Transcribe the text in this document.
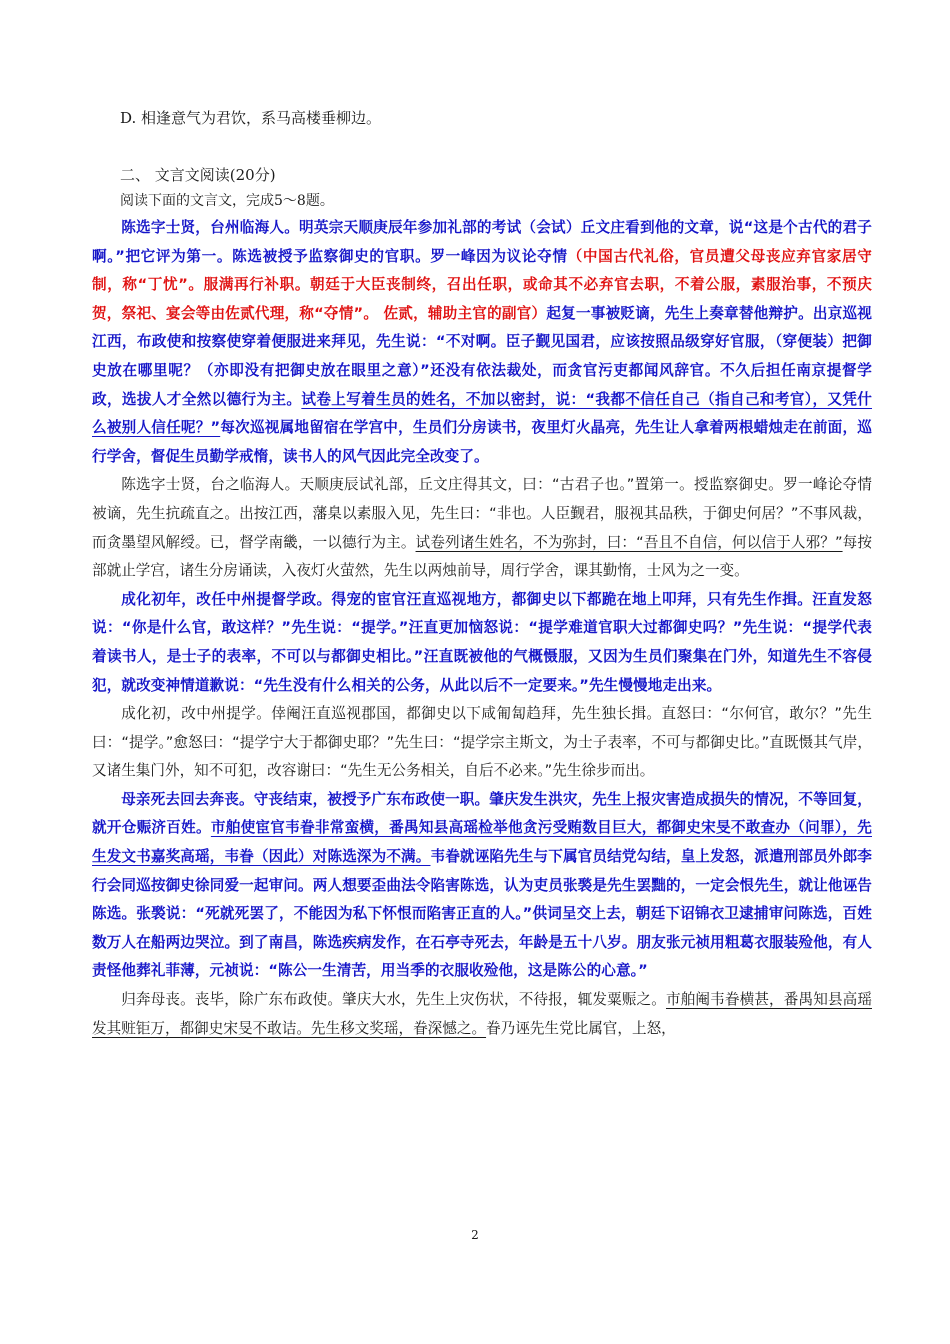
D. 相逢意气为君饮，系马高楼垂柳边。

二、 文言文阅读(20分)

阅读下面的文言文，完成5～8题。

陈选字士贤，台州临海人。明英宗天顺庚辰年参加礼部的考试（会试）丘文庄看到他的文章，说“这是个古代的君子啊。”把它评为第一。陈选被授予监察御史的官职。罗一峰因为议论夺情（中国古代礼俗，官员遭父母丧应弃官家居守制，称“丁忧”。服满再行补职。朝廷于大臣丧制终，召出任职，或命其不必弃官去职，不着公服，素服治事，不预庆贺，祭祀、宴会等由佐贰代理，称“夺情”。 佐贰，辅助主官的副官）起复一事被贬谪，先生上奏章替他辩护。出京巡视江西，布政使和按察使穿着便服进来拜见，先生说：“不对啊。臣子觐见国君，应该按照品级穿好官服，（穿便装）把御史放在哪里呢？（亦即没有把御史放在眼里之意）”还没有依法裁处，而贪官污吏都闻风辞官。不久后担任南京提督学政，选拔人才全然以德行为主。试卷上写着生员的姓名，不加以密封，说：“我都不信任自己（指自己和考官），又凭什么被别人信任呢？”每次巡视属地留宿在学宫中，生员们分房读书，夜里灯火晶亮，先生让人拿着两根蜡烛走在前面，巡行学舍，督促生员勤学戒惰，读书人的风气因此完全改变了。

陈选字士贤，台之临海人。天顺庚辰试礼部，丘文庄得其文，曰：“古君子也。”置第一。授监察御史。罗一峰论夺情被谪，先生抗疏直之。出按江西，藩臬以素服入见，先生曰：“非也。人臣觐君，服视其品秩，于御史何居？”不事风裁，而贪墨望风解绶。已，督学南畿，一以德行为主。试卷列诸生姓名，不为弥封，曰：“吾且不自信，何以信于人邪？”每按部就止学宫，诸生分房诵读，入夜灯火萤然，先生以两烛前导，周行学舍，课其勤惰，士风为之一变。

成化初年，改任中州提督学政。得宠的宦官汪直巡视地方，都御史以下都跪在地上叩拜，只有先生作揖。汪直发怒说：“你是什么官，敢这样？”先生说：“提学。”汪直更加恼怒说：“提学难道官职大过都御史吗？”先生说：“提学代表着读书人，是士子的表率，不可以与都御史相比。”汪直既被他的气概慑服，又因为生员们聚集在门外，知道先生不容侵犯，就改变神情道歉说：“先生没有什么相关的公务，从此以后不一定要来。”先生慢慢地走出来。

成化初，改中州提学。倖阉汪直巡视郡国，都御史以下咸匍匐趋拜，先生独长揖。直怒曰：“尔何官，敢尔？”先生曰：“提学。”愈怒曰：“提学宁大于都御史耶？”先生曰：“提学宗主斯文，为士子表率，不可与都御史比。”直既慑其气岸，又诸生集门外，知不可犯，改容谢曰：“先生无公务相关，自后不必来。”先生徐步而出。

母亲死去回去奔丧。守丧结束，被授予广东布政使一职。肇庆发生洪灾，先生上报灾害造成损失的情况，不等回复，就开仓赈济百姓。市舶使宦官韦眷非常蛮横，番禺知县高瑶检举他贪污受贿数目巨大，都御史宋旻不敢查办（问罪），先生发文书嘉奖高瑶，韦眷（因此）对陈选深为不满。韦眷就诬陷先生与下属官员结党勾结，皇上发怒，派遣刑部员外郎李行会同巡按御史徐同爱一起审问。两人想要歪曲法令陷害陈选，认为吏员张褧是先生罢黜的，一定会恨先生，就让他诬告陈选。张褧说：“死就死罢了，不能因为私下怀恨而陷害正直的人。”供词呈交上去，朝廷下诏锦衣卫逮捕审问陈选，百姓数万人在船两边哭泣。到了南昌，陈选疾病发作，在石亭寺死去，年龄是五十八岁。朋友张元祯用粗葛衣服装殓他，有人责怪他葬礼菲薄，元祯说：“陈公一生清苦，用当季的衣服收殓他，这是陈公的心意。”

归奔母丧。丧毕，除广东布政使。肇庆大水，先生上灾伤状，不待报，辄发粟赈之。市舶阉韦眷横甚，番禺知县高瑶发其赃钜万，都御史宋旻不敢诘。先生移文奖瑶，眷深憾之。眷乃诬先生党比属官，上怒，

2
